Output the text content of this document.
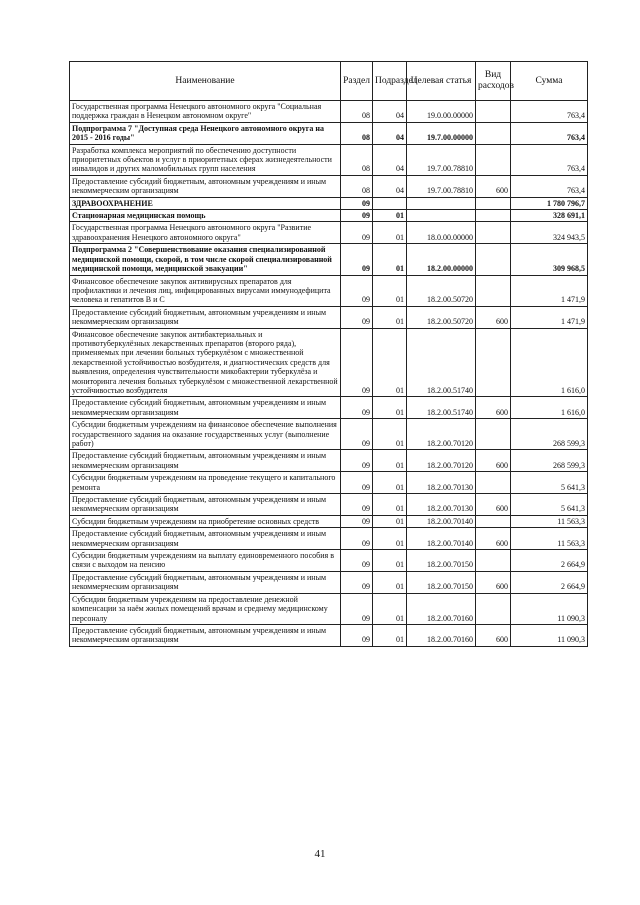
Наименование	Раздел	Подраздел	Целевая статья	Вид расходов	Сумма
Государственная программа Ненецкого автономного округа "Социальная поддержка граждан в Ненецком автономном округе"	08	04	19.0.00.00000		763,4
Подпрограмма 7 "Доступная среда Ненецкого автономного округа на 2015 - 2016 годы"	08	04	19.7.00.00000		763,4
Разработка комплекса мероприятий по обеспечению доступности приоритетных объектов и услуг в приоритетных сферах жизнедеятельности инвалидов и других маломобильных групп населения	08	04	19.7.00.78810		763,4
Предоставление субсидий бюджетным, автономным учреждениям и иным некоммерческим организациям	08	04	19.7.00.78810	600	763,4
ЗДРАВООХРАНЕНИЕ	09				1 780 796,7
Стационарная медицинская помощь	09	01			328 691,1
Государственная программа Ненецкого автономного округа "Развитие здравоохранения Ненецкого автономного округа"	09	01	18.0.00.00000		324 943,5
Подпрограмма 2 "Совершенствование оказания специализированной медицинской помощи, скорой, в том числе скорой специализированной медицинской помощи, медицинской эвакуации"	09	01	18.2.00.00000		309 968,5
Финансовое обеспечение закупок антивирусных препаратов для профилактики и лечения лиц, инфицированных вирусами иммунодефицита человека и гепатитов В и С	09	01	18.2.00.50720		1 471,9
Предоставление субсидий бюджетным, автономным учреждениям и иным некоммерческим организациям	09	01	18.2.00.50720	600	1 471,9
Финансовое обеспечение закупок антибактериальных и противотуберкулёзных лекарственных препаратов (второго ряда), применяемых при лечении больных туберкулёзом с множественной лекарственной устойчивостью возбудителя, и диагностических средств для выявления, определения чувствительности микобактерии туберкулёза и мониторинга лечения больных туберкулёзом с множественной лекарственной устойчивостью возбудителя	09	01	18.2.00.51740		1 616,0
Предоставление субсидий бюджетным, автономным учреждениям и иным некоммерческим организациям	09	01	18.2.00.51740	600	1 616,0
Субсидии бюджетным учреждениям на финансовое обеспечение выполнения государственного задания на оказание государственных услуг (выполнение работ)	09	01	18.2.00.70120		268 599,3
Предоставление субсидий бюджетным, автономным учреждениям и иным некоммерческим организациям	09	01	18.2.00.70120	600	268 599,3
Субсидии бюджетным учреждениям на проведение текущего и капитального ремонта	09	01	18.2.00.70130		5 641,3
Предоставление субсидий бюджетным, автономным учреждениям и иным некоммерческим организациям	09	01	18.2.00.70130	600	5 641,3
Субсидии бюджетным учреждениям на приобретение основных средств	09	01	18.2.00.70140		11 563,3
Предоставление субсидий бюджетным, автономным учреждениям и иным некоммерческим организациям	09	01	18.2.00.70140	600	11 563,3
Субсидии бюджетным учреждениям на выплату единовременного пособия в связи с выходом на пенсию	09	01	18.2.00.70150		2 664,9
Предоставление субсидий бюджетным, автономным учреждениям и иным некоммерческим организациям	09	01	18.2.00.70150	600	2 664,9
Субсидии бюджетным учреждениям на предоставление денежной компенсации за наём жилых помещений врачам и среднему медицинскому персоналу	09	01	18.2.00.70160		11 090,3
Предоставление субсидий бюджетным, автономным учреждениям и иным некоммерческим организациям	09	01	18.2.00.70160	600	11 090,3
41
